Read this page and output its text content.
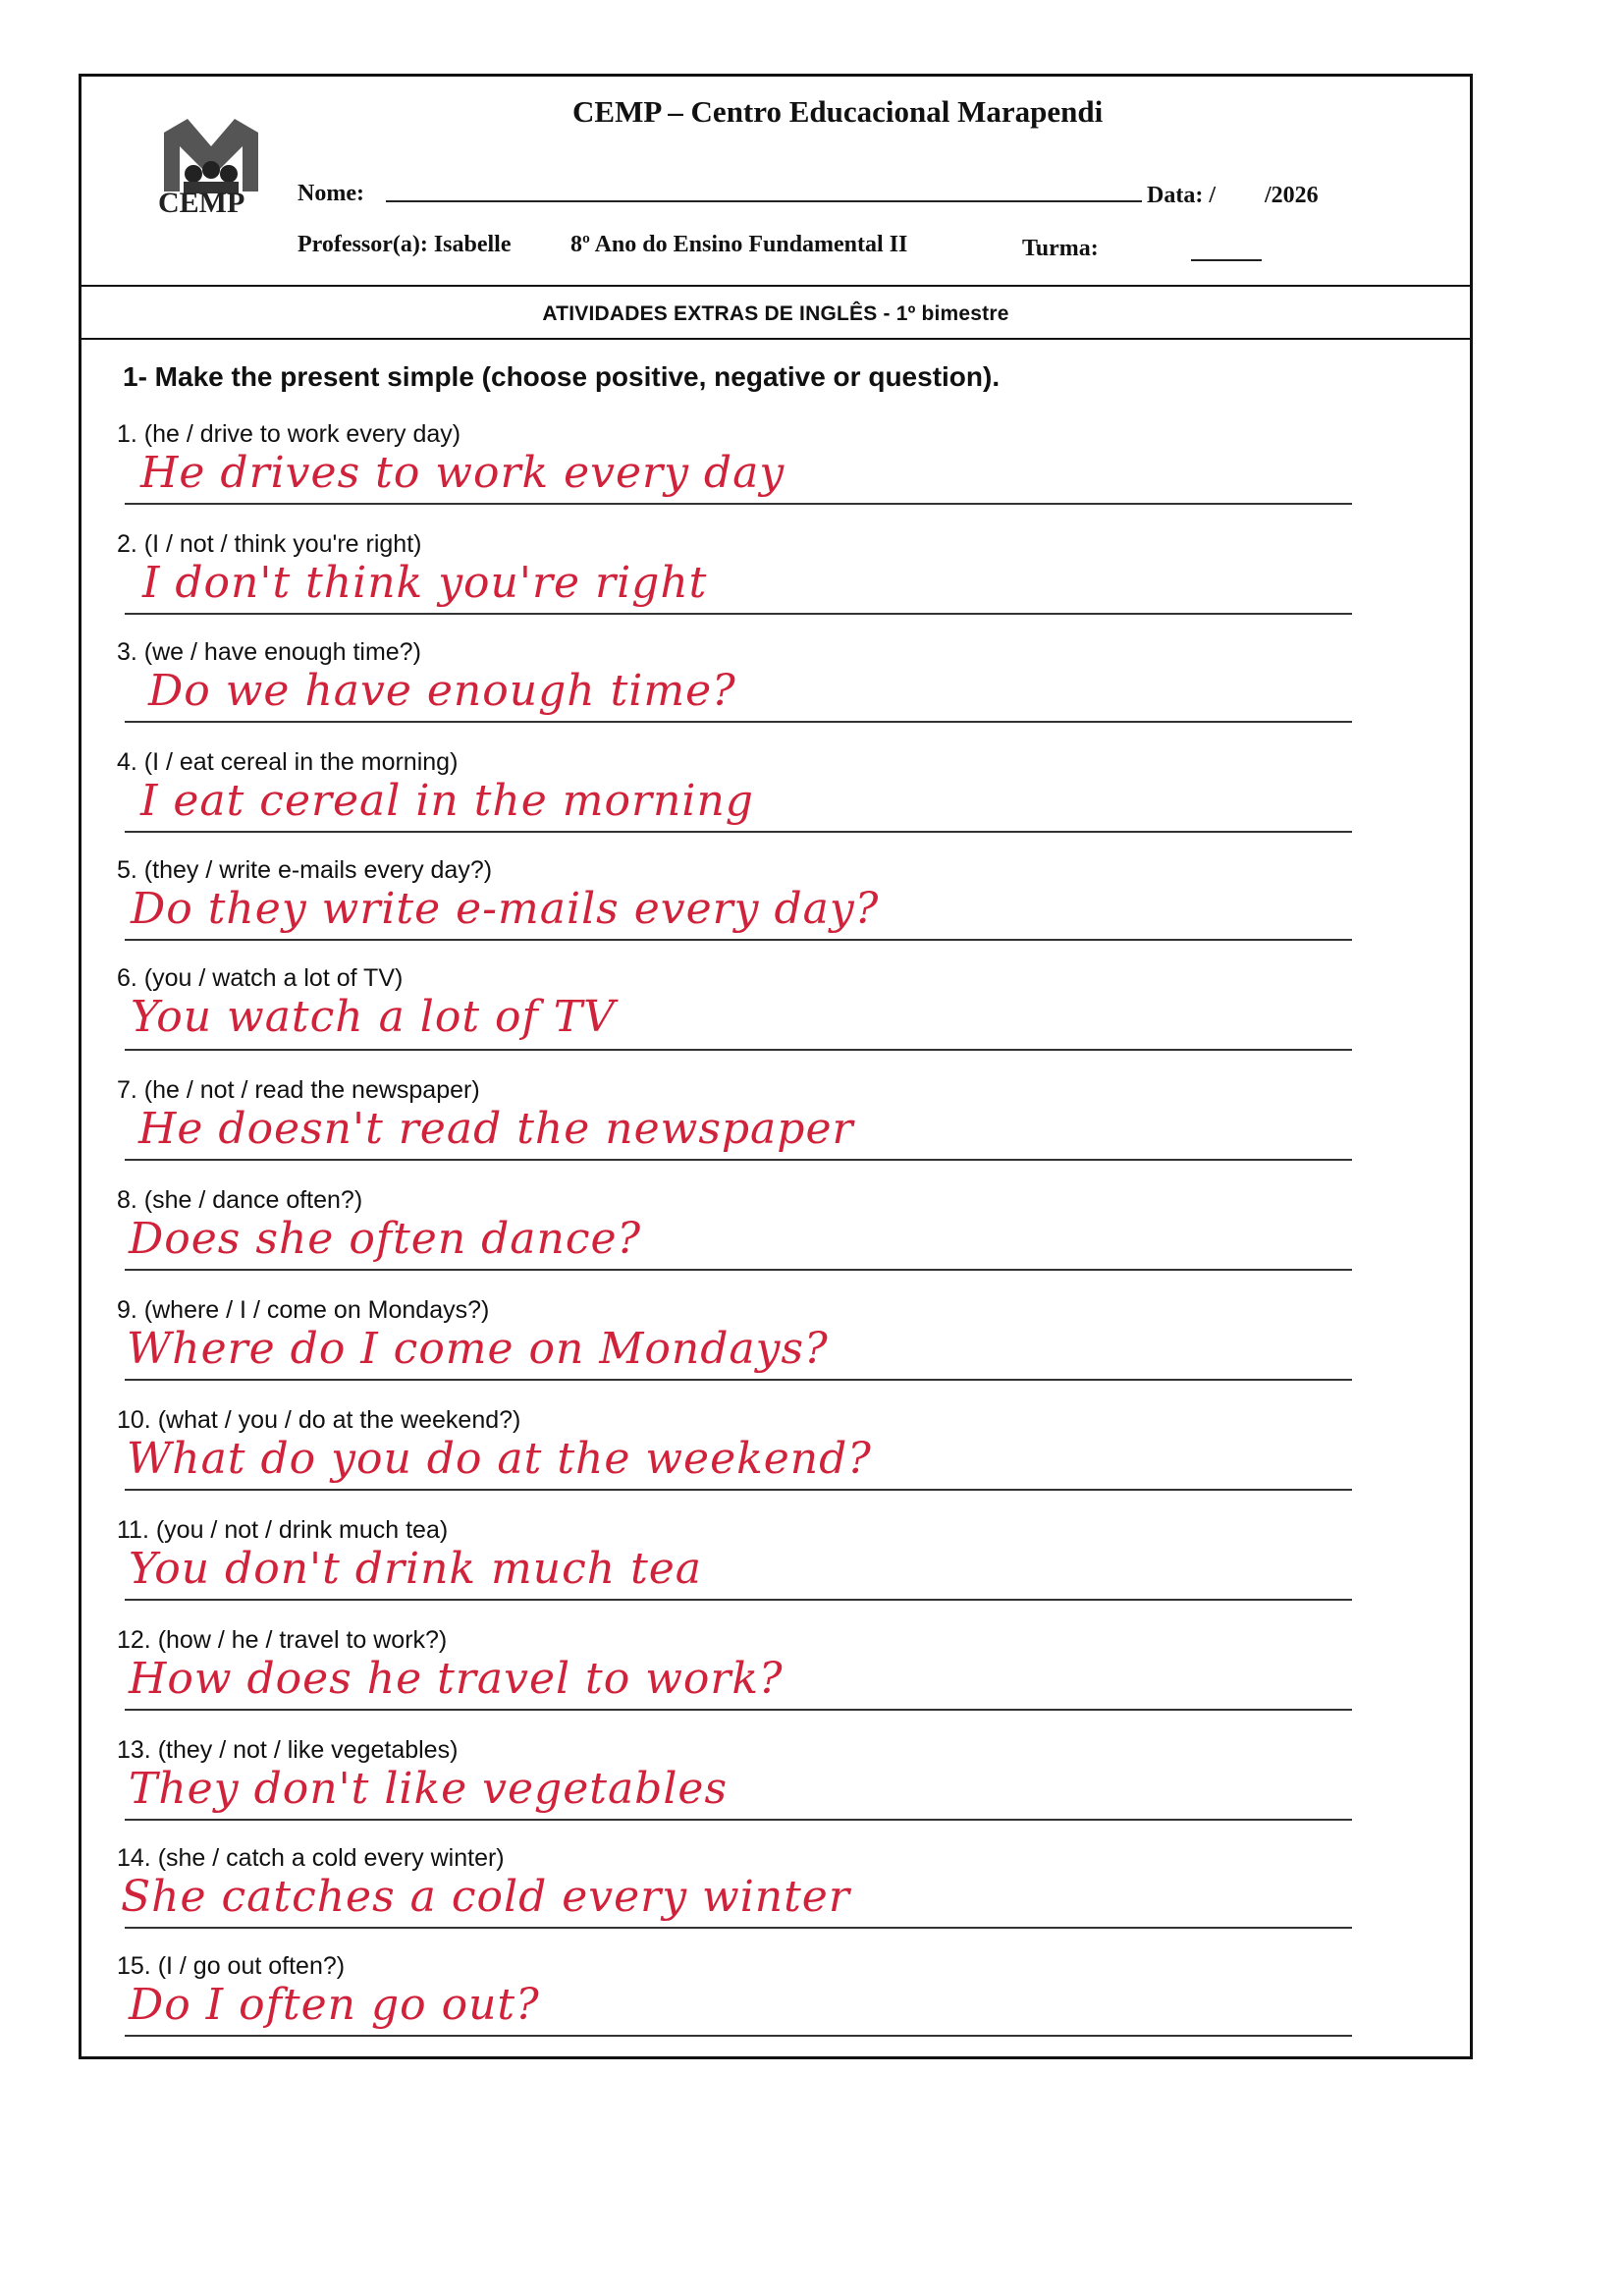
CEMP
CEMP – Centro Educacional Marapendi
Nome:	Data: / /2026
Professor(a): Isabelle	8º Ano do Ensino Fundamental II	Turma:
ATIVIDADES EXTRAS DE INGLÊS - 1º bimestre
1- Make the present simple (choose positive, negative or question).
1. (he / drive to work every day)
He drives to work every day
2. (I / not / think you're right)
I don't think you're right
3. (we / have enough time?)
Do we have enough time?
4. (I / eat cereal in the morning)
I eat cereal in the morning
5. (they / write e-mails every day?)
Do they write e-mails every day?
6. (you / watch a lot of TV)
You watch a lot of TV
7. (he / not / read the newspaper)
He doesn't read the newspaper
8. (she / dance often?)
Does she often dance?
9. (where / I / come on Mondays?)
Where do I come on Mondays?
10. (what / you / do at the weekend?)
What do you do at the weekend?
11. (you / not / drink much tea)
You don't drink much tea
12. (how / he / travel to work?)
How does he travel to work?
13. (they / not / like vegetables)
They don't like vegetables
14. (she / catch a cold every winter)
She catches a cold every winter
15. (I / go out often?)
Do I often go out?
